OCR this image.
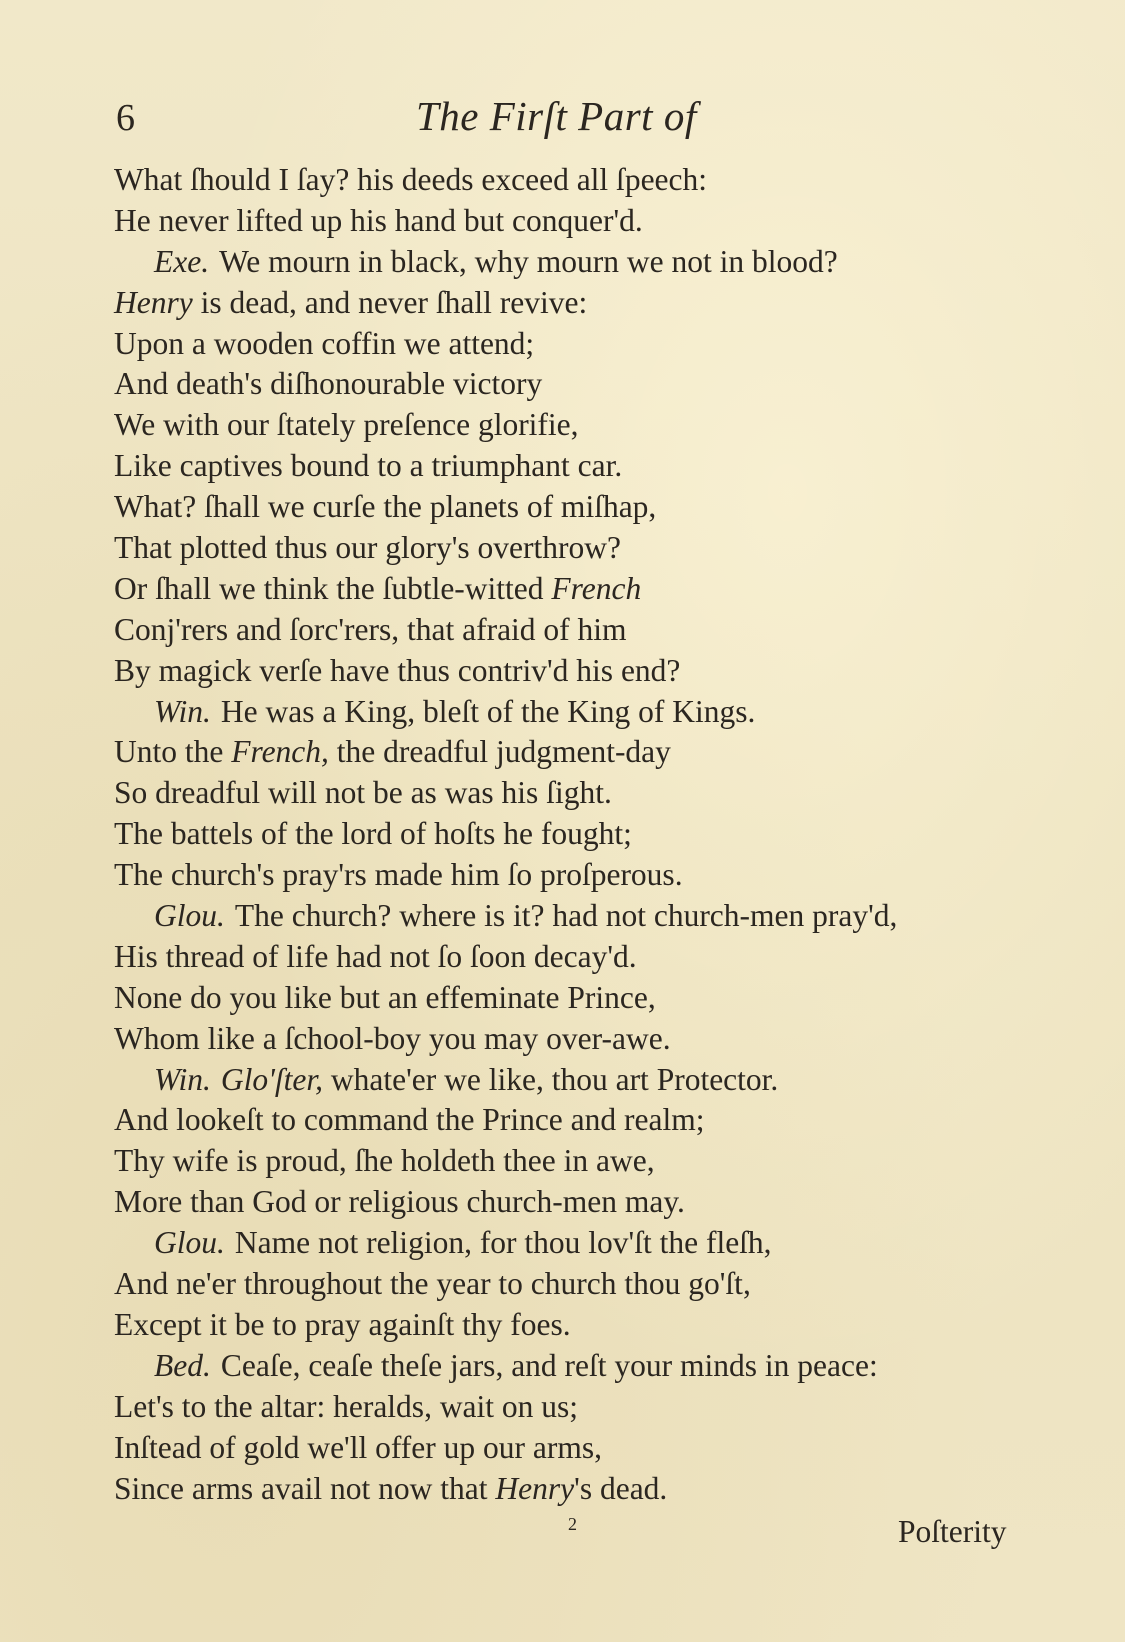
6	The Firſt Part of
What ſhould I ſay? his deeds exceed all ſpeech:
He never lifted up his hand but conquer'd.
Exe. We mourn in black, why mourn we not in blood?
Henry is dead, and never ſhall revive:
Upon a wooden coffin we attend;
And death's diſhonourable victory
We with our ſtately preſence glorifie,
Like captives bound to a triumphant car.
What? ſhall we curſe the planets of miſhap,
That plotted thus our glory's overthrow?
Or ſhall we think the ſubtle-witted French
Conj'rers and ſorc'rers, that afraid of him
By magick verſe have thus contriv'd his end?
Win. He was a King, bleſt of the King of Kings.
Unto the French, the dreadful judgment-day
So dreadful will not be as was his ſight.
The battels of the lord of hoſts he fought;
The church's pray'rs made him ſo proſperous.
Glou. The church? where is it? had not church-men pray'd,
His thread of life had not ſo ſoon decay'd.
None do you like but an effeminate Prince,
Whom like a ſchool-boy you may over-awe.
Win. Glo'ſter, whate'er we like, thou art Protector.
And lookeſt to command the Prince and realm;
Thy wife is proud, ſhe holdeth thee in awe,
More than God or religious church-men may.
Glou. Name not religion, for thou lov'ſt the fleſh,
And ne'er throughout the year to church thou go'ſt,
Except it be to pray againſt thy foes.
Bed. Ceaſe, ceaſe theſe jars, and reſt your minds in peace:
Let's to the altar: heralds, wait on us;
Inſtead of gold we'll offer up our arms,
Since arms avail not now that Henry's dead.
2	Poſterity
